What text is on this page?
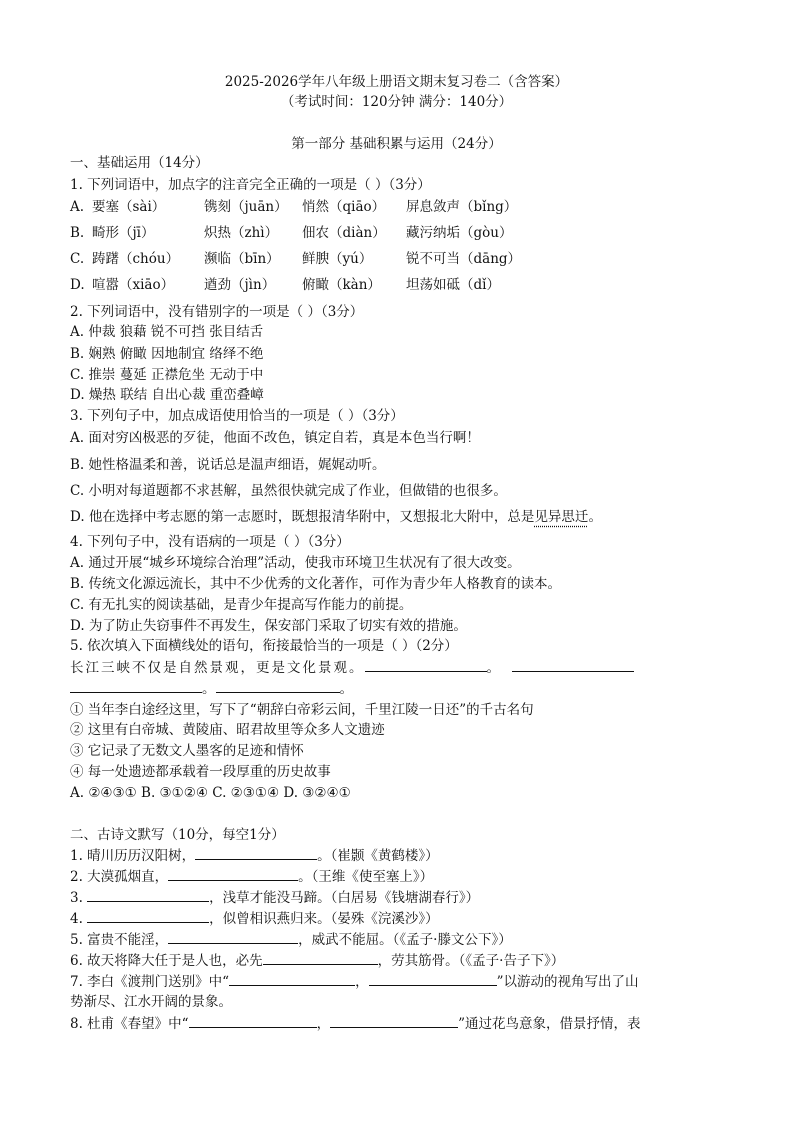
2025-2026学年八年级上册语文期末复习卷二（含答案）
（考试时间：120分钟 满分：140分）
第一部分 基础积累与运用（24分）
一、基础运用（14分）
1. 下列词语中，加点字的注音完全正确的一项是（ ）（3分）
A. 要塞（sài）	镌刻（juān） 悄然（qiāo） 屏息敛声（bǐng）
B. 畸形（jī）	炽热（zhì） 佃农（diàn） 藏污纳垢（gòu）
C. 踌躇（chóu） 濒临（bīn） 鲜腴（yú） 锐不可当（dāng）
D. 喧嚣（xiāo） 遒劲（jìn） 俯瞰（kàn） 坦荡如砥（dǐ）
2. 下列词语中，没有错别字的一项是（ ）（3分）
A. 仲裁 狼藉 锐不可挡 张目结舌
B. 娴熟 俯瞰 因地制宜 络绎不绝
C. 推崇 蔓延 正襟危坐 无动于中
D. 燥热 联结 自出心裁 重峦叠嶂
3. 下列句子中，加点成语使用恰当的一项是（ ）（3分）
A. 面对穷凶极恶的歹徒，他面不改色，镇定自若，真是本色当行啊！
B. 她性格温柔和善，说话总是温声细语，娓娓动听。
C. 小明对每道题都不求甚解，虽然很快就完成了作业，但做错的也很多。
D. 他在选择中考志愿的第一志愿时，既想报清华附中，又想报北大附中，总是见异思迁。
4. 下列句子中，没有语病的一项是（ ）（3分）
A. 通过开展“城乡环境综合治理”活动，使我市环境卫生状况有了很大改变。
B. 传统文化源远流长，其中不少优秀的文化著作，可作为青少年人格教育的读本。
C. 有无扎实的阅读基础，是青少年提高写作能力的前提。
D. 为了防止失窃事件不再发生，保安部门采取了切实有效的措施。
5. 依次填入下面横线处的语句，衔接最恰当的一项是（ ）（2分）
长江三峡不仅是自然景观，更是文化景观。	。
。	。
① 当年李白途经这里，写下了“朝辞白帝彩云间，千里江陵一日还”的千古名句
② 这里有白帝城、黄陵庙、昭君故里等众多人文遗迹
③ 它记录了无数文人墨客的足迹和情怀
④ 每一处遗迹都承载着一段厚重的历史故事
A. ②④③① B. ③①②④ C. ②③①④ D. ③②④①
二、古诗文默写（10分，每空1分）
1. 晴川历历汉阳树，	。（崔颢《黄鹤楼》）
2. 大漠孤烟直，	。（王维《使至塞上》）
3.	，浅草才能没马蹄。（白居易《钱塘湖春行》）
4.	，似曾相识燕归来。（晏殊《浣溪沙》）
5. 富贵不能淫，	，威武不能屈。（《孟子·滕文公下》）
6. 故天将降大任于是人也，必先	，劳其筋骨。（《孟子·告子下》）
7. 李白《渡荆门送别》中“	，	”以游动的视角写出了山
势渐尽、江水开阔的景象。
8. 杜甫《春望》中“	，	”通过花鸟意象，借景抒情，表
